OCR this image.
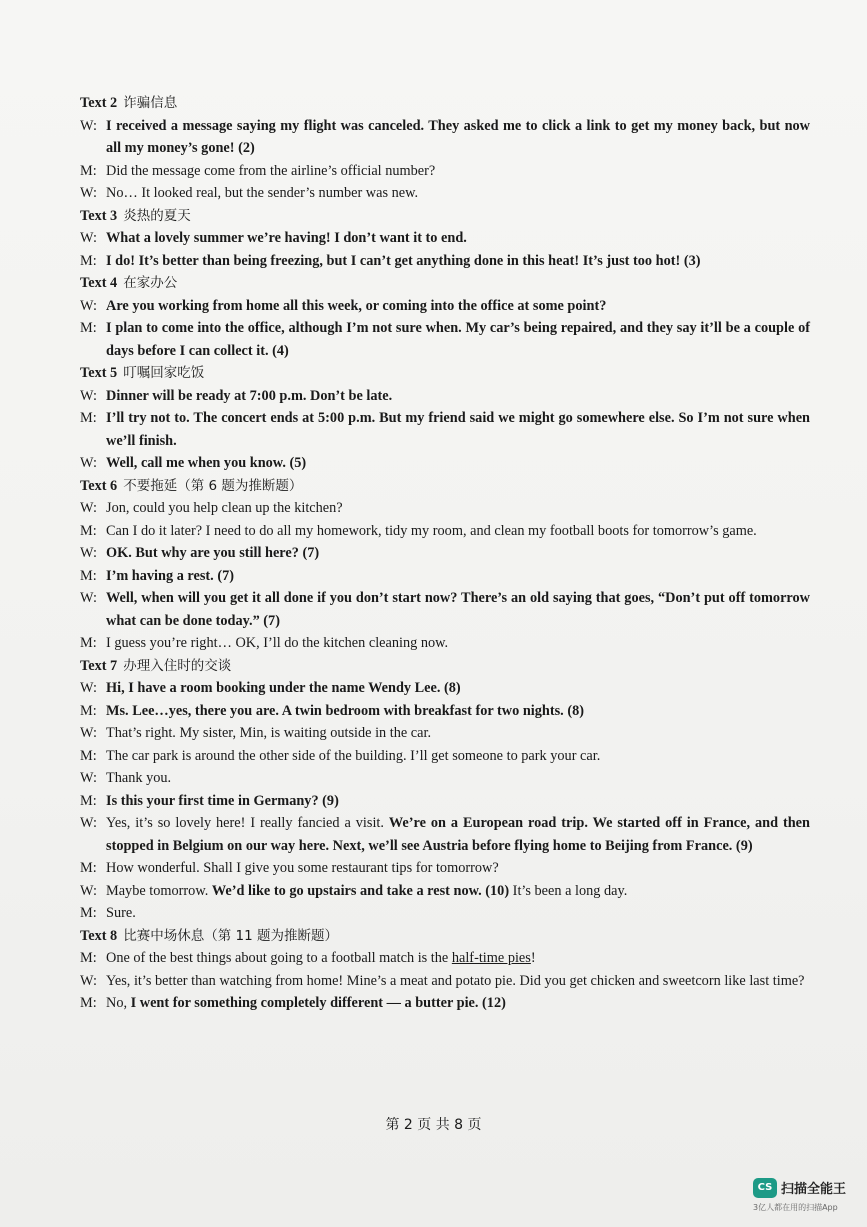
Text 2 诈骗信息
W: I received a message saying my flight was canceled. They asked me to click a link to get my money back, but now all my money’s gone! (2)
M: Did the message come from the airline’s official number?
W: No… It looked real, but the sender’s number was new.
Text 3 炎热的夏天
W: What a lovely summer we’re having! I don’t want it to end.
M: I do! It’s better than being freezing, but I can’t get anything done in this heat! It’s just too hot! (3)
Text 4 在家办公
W: Are you working from home all this week, or coming into the office at some point?
M: I plan to come into the office, although I’m not sure when. My car’s being repaired, and they say it’ll be a couple of days before I can collect it. (4)
Text 5 叮嘱回家吃饭
W: Dinner will be ready at 7:00 p.m. Don’t be late.
M: I’ll try not to. The concert ends at 5:00 p.m. But my friend said we might go somewhere else. So I’m not sure when we’ll finish.
W: Well, call me when you know. (5)
Text 6 不要拖延（第 6 题为推断题）
W: Jon, could you help clean up the kitchen?
M: Can I do it later? I need to do all my homework, tidy my room, and clean my football boots for tomorrow’s game.
W: OK. But why are you still here? (7)
M: I’m having a rest. (7)
W: Well, when will you get it all done if you don’t start now? There’s an old saying that goes, “Don’t put off tomorrow what can be done today.” (7)
M: I guess you’re right… OK, I’ll do the kitchen cleaning now.
Text 7 办理入住时的交谈
W: Hi, I have a room booking under the name Wendy Lee. (8)
M: Ms. Lee…yes, there you are. A twin bedroom with breakfast for two nights. (8)
W: That’s right. My sister, Min, is waiting outside in the car.
M: The car park is around the other side of the building. I’ll get someone to park your car.
W: Thank you.
M: Is this your first time in Germany? (9)
W: Yes, it’s so lovely here! I really fancied a visit. We’re on a European road trip. We started off in France, and then stopped in Belgium on our way here. Next, we’ll see Austria before flying home to Beijing from France. (9)
M: How wonderful. Shall I give you some restaurant tips for tomorrow?
W: Maybe tomorrow. We’d like to go upstairs and take a rest now. (10) It’s been a long day.
M: Sure.
Text 8 比赛中场休息（第 11 题为推断题）
M: One of the best things about going to a football match is the half-time pies!
W: Yes, it’s better than watching from home! Mine’s a meat and potato pie. Did you get chicken and sweetcorn like last time?
M: No, I went for something completely different — a butter pie. (12)
第 2 页 共 8 页
CS 扫描全能王
3亿人都在用的扫描App
